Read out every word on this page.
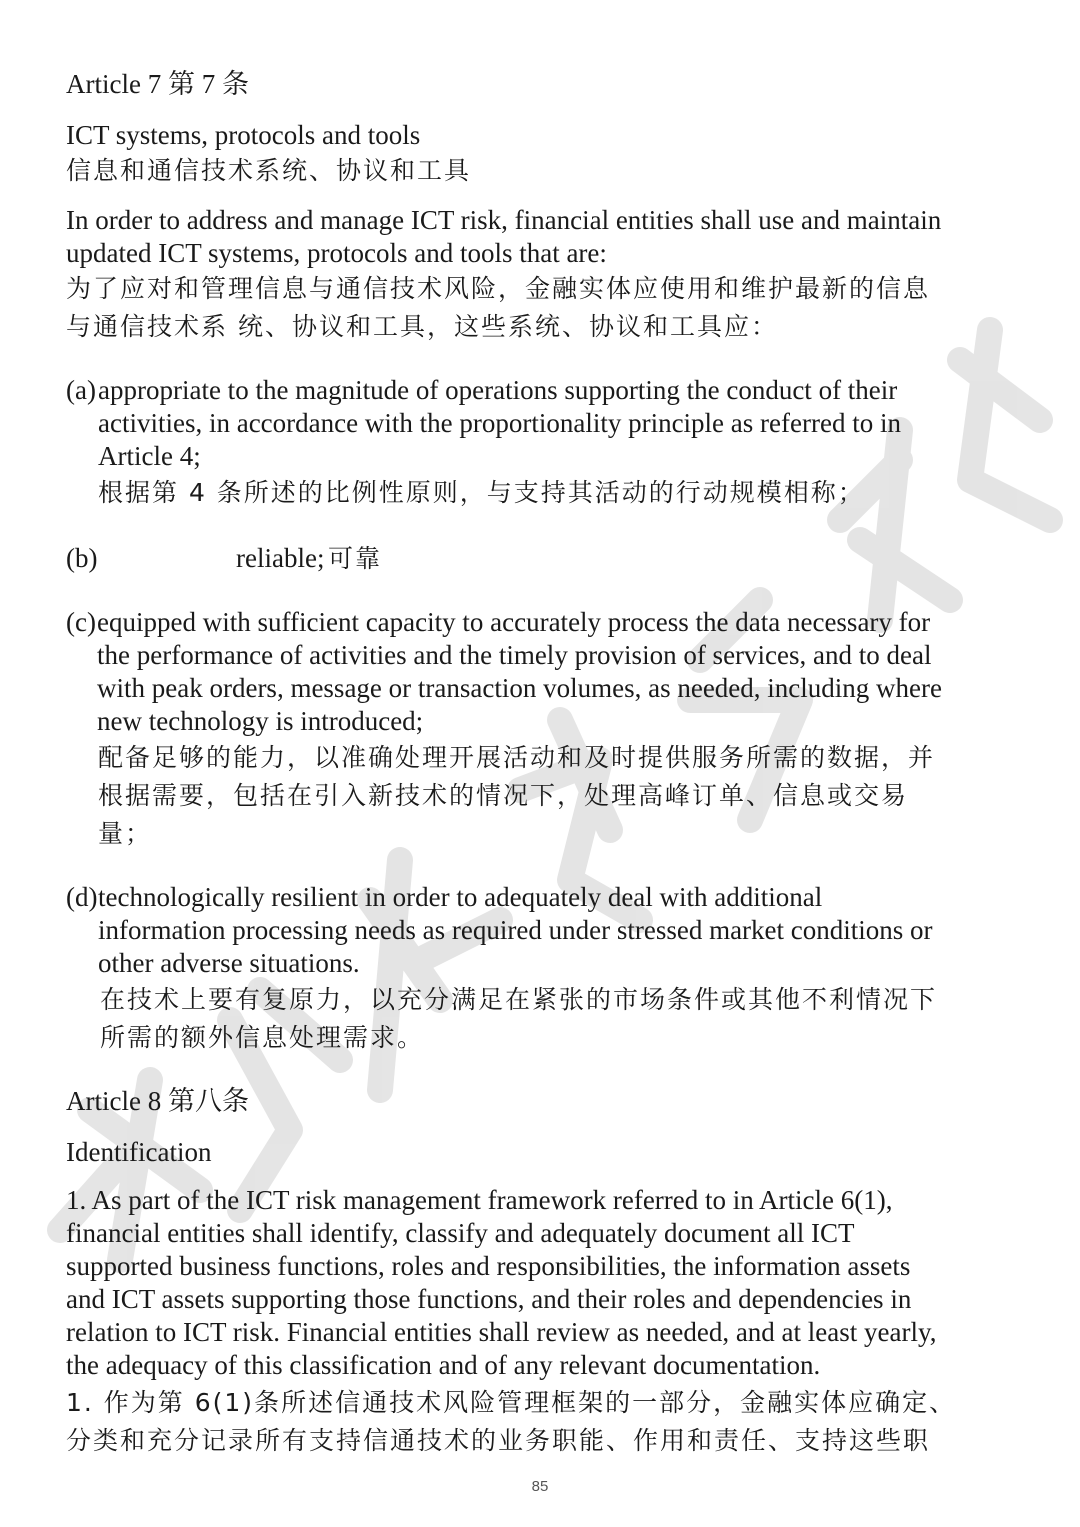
Article 7 第 7 条
ICT systems, protocols and tools
信息和通信技术系统、协议和工具
In order to address and manage ICT risk, financial entities shall use and maintain
updated ICT systems, protocols and tools that are:
为了应对和管理信息与通信技术风险，金融实体应使用和维护最新的信息
与通信技术系 统、协议和工具，这些系统、协议和工具应：
(a) appropriate to the magnitude of operations supporting the conduct of their
activities, in accordance with the proportionality principle as referred to in
Article 4;
根据第 4 条所述的比例性原则，与支持其活动的行动规模相称；
(b)	reliable; 可靠
(c) equipped with sufficient capacity to accurately process the data necessary for
the performance of activities and the timely provision of services, and to deal
with peak orders, message or transaction volumes, as needed, including where
new technology is introduced;
配备足够的能力，以准确处理开展活动和及时提供服务所需的数据，并
根据需要，包括在引入新技术的情况下，处理高峰订单、信息或交易
量；
(d) technologically resilient in order to adequately deal with additional
information processing needs as required under stressed market conditions or
other adverse situations.
在技术上要有复原力，以充分满足在紧张的市场条件或其他不利情况下
所需的额外信息处理需求。
Article 8 第八条
Identification
1. As part of the ICT risk management framework referred to in Article 6(1),
financial entities shall identify, classify and adequately document all ICT
supported business functions, roles and responsibilities, the information assets
and ICT assets supporting those functions, and their roles and dependencies in
relation to ICT risk. Financial entities shall review as needed, and at least yearly,
the adequacy of this classification and of any relevant documentation.
1. 作为第 6(1)条所述信通技术风险管理框架的一部分，金融实体应确定、
分类和充分记录所有支持信通技术的业务职能、作用和责任、支持这些职
85
